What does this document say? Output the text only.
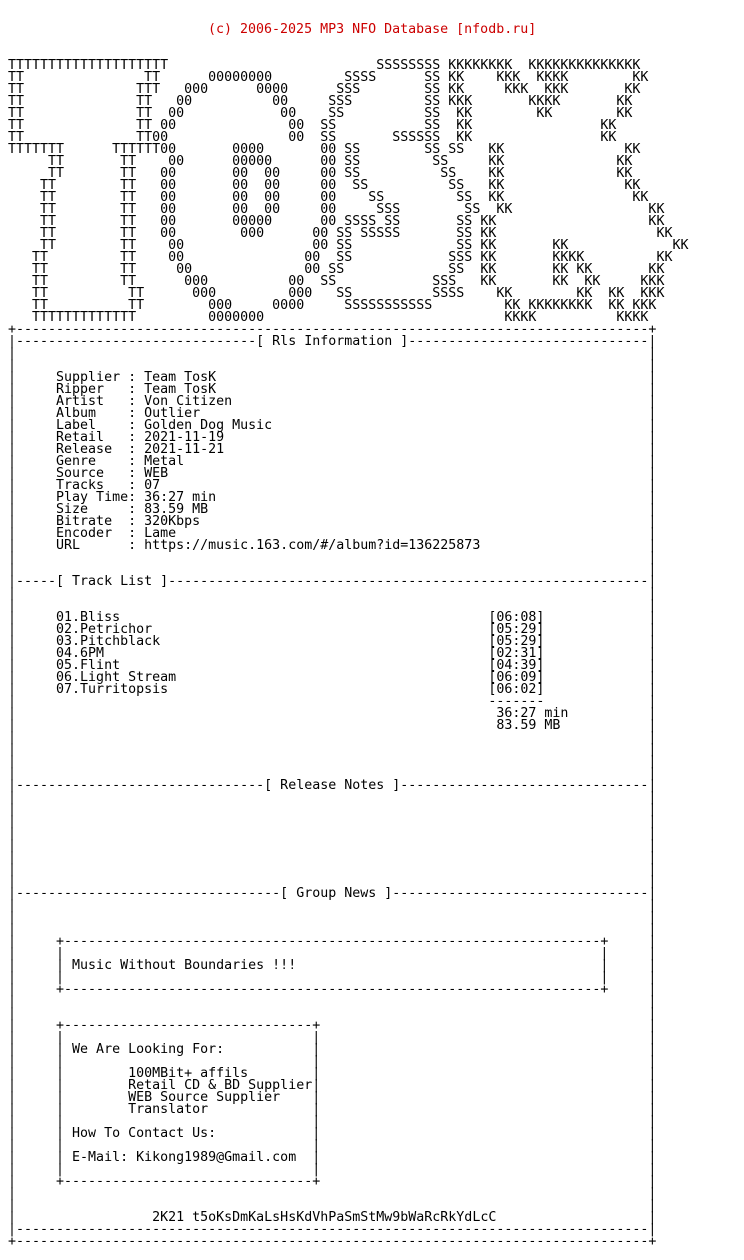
(c) 2006-2025 MP3 NFO Database [nfodb.ru]

TTTTTTTTTTTTTTTTTTTT                          SSSSSSSS KKKKKKKK  KKKKKKKKKKKKKK
TT               TT      00000000         SSSS      SS KK    KKK  KKKK        KK
TT              TTT   000      0000      SSS        SS KK     KKK  KKK       KK
TT              TT   00          00     SSS         SS KKK       KKKK       KK
TT              TT  00            00    SS          SS  KK        KK        KK
TT              TT 00              00  SS           SS  KK                KK
TT              TT00               00  SS       SSSSSS  KK                KK
TTTTTTT      TTTTTT00       0000       00 SS        SS SS   KK               KK
TT       TT    00      00000      00 SS         SS     KK              KK
TT       TT   00       00  00     00 SS          SS    KK              KK
TT        TT   00       00  00     00  SS          SS   KK               KK
TT        TT   00       00  00     00    SS         SS  KK                KK
TT        TT   00       00  00     00     SSS        SS  KK                 KK
TT        TT   00       00000      00 SSSS SS       SS KK                   KK
TT        TT   00        000      00 SS SSSSS       SS KK                    KK
TT        TT    00                00 SS             SS KK       KK             KK
TT         TT    00               00  SS            SSS KK       KKKK         KK
TT         TT     00              00 SS             SS  KK       KK KK       KK
TT         TT      000          00  SS            SSS   KK       KK  KK     KKK
TT          TT      000         000   SS          SSSS    KK        KK  KK  KKK
TT          TT        000     0000     SSSSSSSSSSS         KK KKKKKKKK  KK KKK
TTTTTTTTTTTTT         0000000                              KKKK          KKKK
+-------------------------------------------------------------------------------+
|------------------------------[ Rls Information ]------------------------------|
|                                                                               |
|                                                                               |
|     Supplier : Team TosK                                                      |
|     Ripper   : Team TosK                                                      |
|     Artist   : Von Citizen                                                    |
|     Album    : Outlier                                                        |
|     Label    : Golden Dog Music                                               |
|     Retail   : 2021-11-19                                                     |
|     Release  : 2021-11-21                                                     |
|     Genre    : Metal                                                          |
|     Source   : WEB                                                            |
|     Tracks   : 07                                                             |
|     Play Time: 36:27 min                                                      |
|     Size     : 83.59 MB                                                       |
|     Bitrate  : 320Kbps                                                        |
|     Encoder  : Lame                                                           |
|     URL      : https://music.163.com/#/album?id=136225873                     |
|                                                                               |
|                                                                               |
|-----[ Track List ]------------------------------------------------------------|
|                                                                               |
|                                                                               |
|     01.Bliss                                              [06:08]             |
|     02.Petrichor                                          [05:29]             |
|     03.Pitchblack                                         [05:29]             |
|     04.6PM                                                [02:31]             |
|     05.Flint                                              [04:39]             |
|     06.Light Stream                                       [06:09]             |
|     07.Turritopsis                                        [06:02]             |
|                                                           -------             |
|                                                            36:27 min          |
|                                                            83.59 MB           |
|                                                                               |
|                                                                               |
|                                                                               |
|                                                                               |
|-------------------------------[ Release Notes ]-------------------------------|
|                                                                               |
|                                                                               |
|                                                                               |
|                                                                               |
|                                                                               |
|                                                                               |
|                                                                               |
|                                                                               |
|---------------------------------[ Group News ]--------------------------------|
|                                                                               |
|                                                                               |
|                                                                               |
|     +-------------------------------------------------------------------+     |
|     |                                                                   |     |
|     | Music Without Boundaries !!!                                      |     |
|     |                                                                   |     |
|     +-------------------------------------------------------------------+     |
|                                                                               |
|                                                                               |
|     +-------------------------------+                                         |
|     |                               |                                         |
|     | We Are Looking For:           |                                         |
|     |                               |                                         |
|     |        100MBit+ affils        |                                         |
|     |        Retail CD & BD Supplier|                                         |
|     |        WEB Source Supplier    |                                         |
|     |        Translator             |                                         |
|     |                               |                                         |
|     | How To Contact Us:            |                                         |
|     |                               |                                         |
|     | E-Mail: Kikong1989@Gmail.com  |                                         |
|     |                               |                                         |
|     +-------------------------------+                                         |
|                                                                               |
|                                                                               |
|                 2K21 t5oKsDmKaLsHsKdVhPaSmStMw9bWaRcRkYdLcC                   |
|-------------------------------------------------------------------------------|
+-------------------------------------------------------------------------------+
